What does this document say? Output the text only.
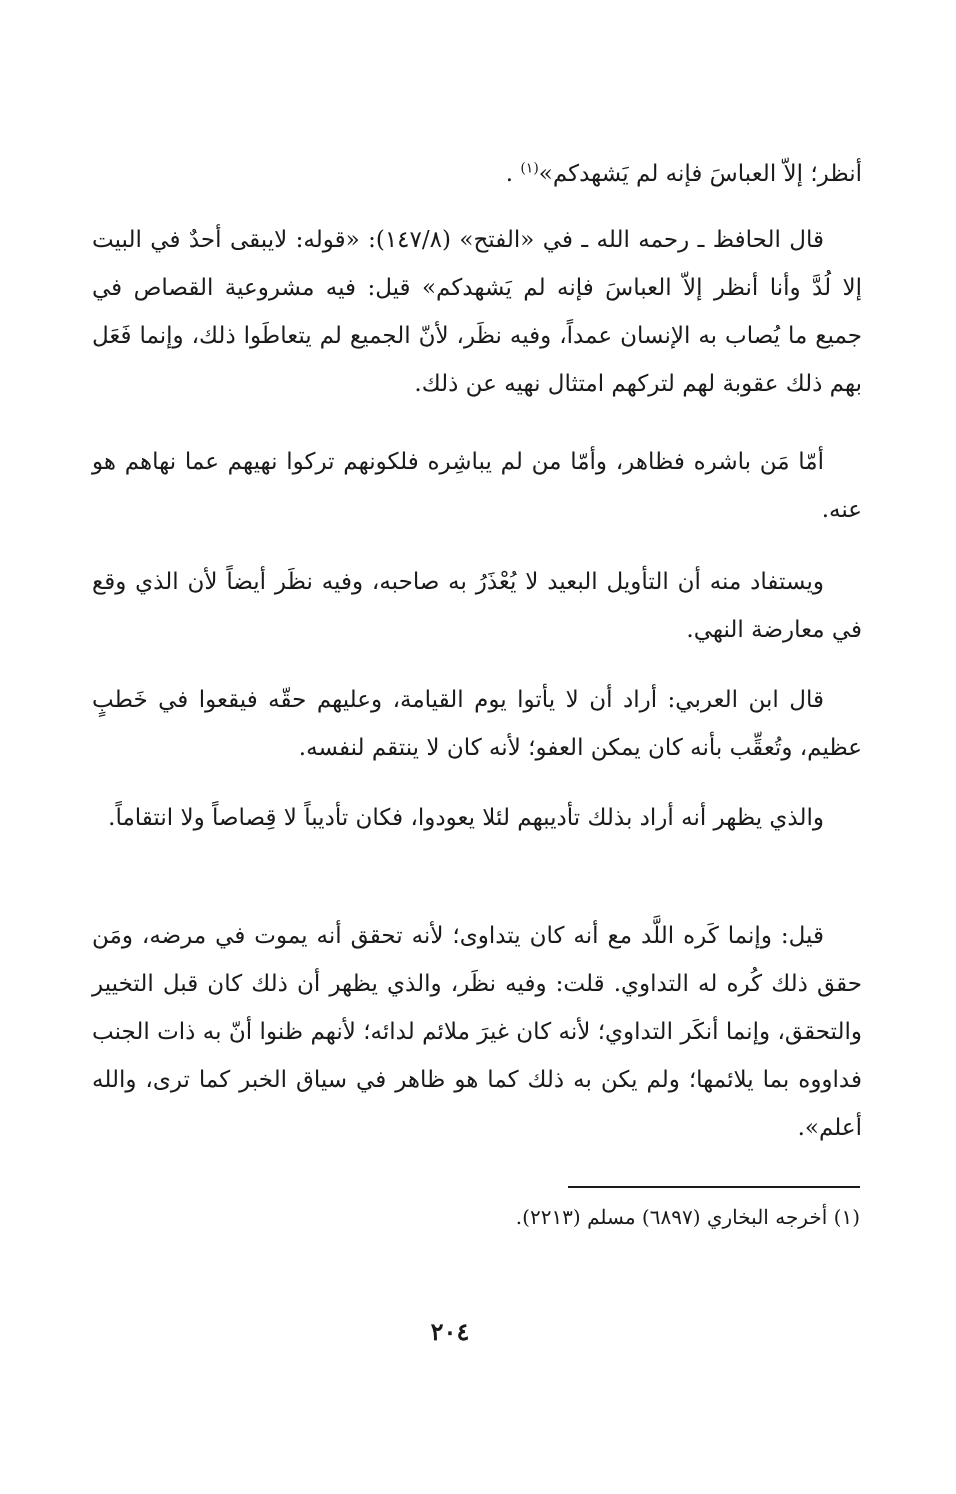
أنظر؛ إلاّ العباسَ فإنه لم يَشهدكم»$^{(١)}$ .

قال الحافظ ـ رحمه الله ـ في «الفتح» (١٤٧/٨): «قوله: لايبقى أحدٌ في البيت إلا لُدَّ وأنا أنظر إلاّ العباسَ فإنه لم يَشهدكم» قيل: فيه مشروعية القصاص في جميع ما يُصاب به الإنسان عمداً، وفيه نظَر، لأنّ الجميع لم يتعاطَوا ذلك، وإنما فَعَل بهم ذلك عقوبة لهم لتركهم امتثال نهيه عن ذلك.

أمّا مَن باشره فظاهر، وأمّا من لم يباشِره فلكونهم تركوا نهيهم عما نهاهم هو عنه.

ويستفاد منه أن التأويل البعيد لا يُعْذَرُ به صاحبه، وفيه نظَر أيضاً لأن الذي وقع في معارضة النهي.

قال ابن العربي: أراد أن لا يأتوا يوم القيامة، وعليهم حقّه فيقعوا في خَطبٍ عظيم، وتُعقِّب بأنه كان يمكن العفو؛ لأنه كان لا ينتقم لنفسه.

والذي يظهر أنه أراد بذلك تأديبهم لئلا يعودوا، فكان تأديباً لا قِصاصاً ولا انتقاماً.

قيل: وإنما كَره اللَّد مع أنه كان يتداوى؛ لأنه تحقق أنه يموت في مرضه، ومَن حقق ذلك كُره له التداوي. قلت: وفيه نظَر، والذي يظهر أن ذلك كان قبل التخيير والتحقق، وإنما أنكَر التداوي؛ لأنه كان غيرَ ملائم لدائه؛ لأنهم ظنوا أنّ به ذات الجنب فداووه بما يلائمها؛ ولم يكن به ذلك كما هو ظاهر في سياق الخبر كما ترى، والله أعلم».

(١) أخرجه البخاري (٦٨٩٧) مسلم (٢٢١٣).
٢٠٤
